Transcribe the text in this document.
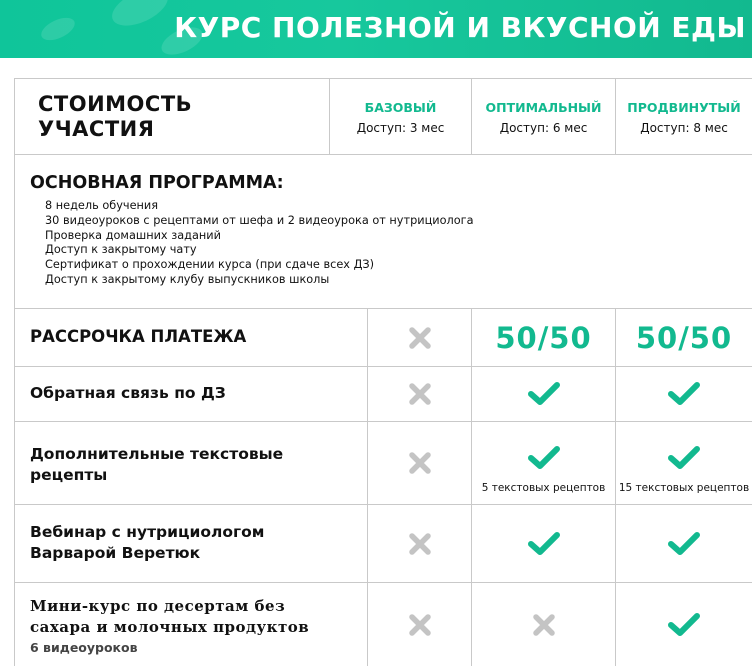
КУРС ПОЛЕЗНОЙ И ВКУСНОЙ ЕДЫ
СТОИМОСТЬ УЧАСТИЯ
БАЗОВЫЙ
Доступ: 3 мес
ОПТИМАЛЬНЫЙ
Доступ: 6 мес
ПРОДВИНУТЫЙ
Доступ: 8 мес
ОСНОВНАЯ ПРОГРАММА:
8 недель обучения
30 видеоуроков с рецептами от шефа и 2 видеоурока от нутрициолога
Проверка домашних заданий
Доступ к закрытому чату
Сертификат о прохождении курса (при сдаче всех ДЗ)
Доступ к закрытому клубу выпускников школы
РАССРОЧКА ПЛАТЕЖА	50/50 50/50
Обратная связь по ДЗ
Дополнительные текстовые рецепты
5 текстовых рецептов	15 текстовых рецептов
Вебинар с нутрициологом Варварой Веретюк
Мини-курс по десертам без сахара и молочных продуктов
6 видеоуроков
